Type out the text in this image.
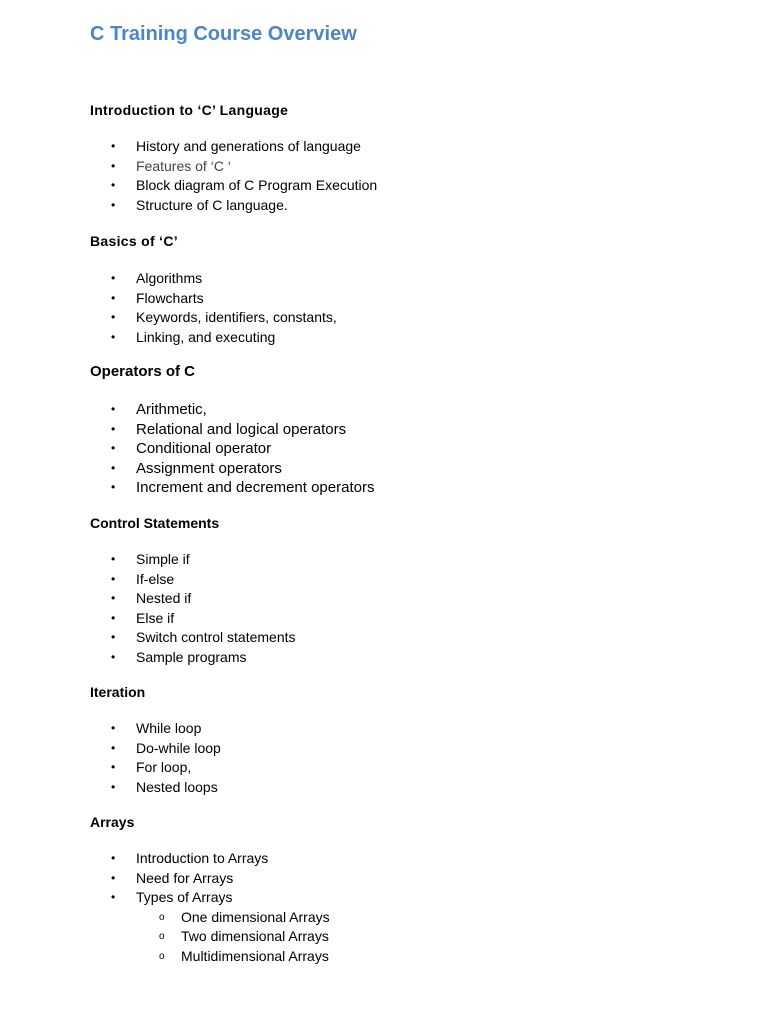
C Training Course Overview
Introduction to ‘C’ Language
•	History and generations of language
•	Features of ‘C ‘
•	Block diagram of C Program Execution
•	Structure of C language.
Basics of ‘C’
•	Algorithms
•	Flowcharts
•	Keywords, identifiers, constants,
•	Linking, and executing
Operators of C
•	Arithmetic,
•	Relational and logical operators
•	Conditional operator
•	Assignment operators
•	Increment and decrement operators
Control Statements
•	Simple if
•	If-else
•	Nested if
•	Else if
•	Switch control statements
•	Sample programs
Iteration
•	While loop
•	Do-while loop
•	For loop,
•	Nested loops
Arrays
•	Introduction to Arrays
•	Need for Arrays
•	Types of Arrays
o	One dimensional Arrays
o	Two dimensional Arrays
o	Multidimensional Arrays
